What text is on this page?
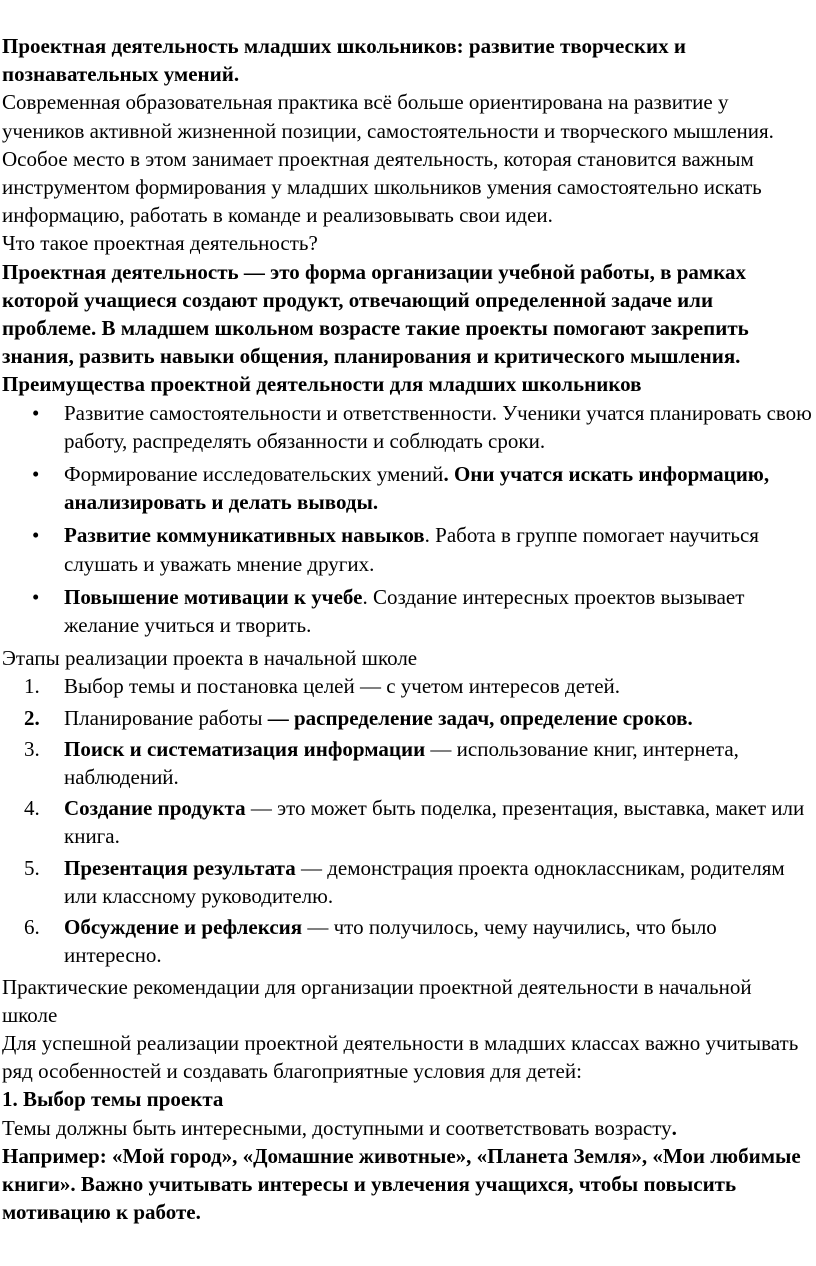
Проектная деятельность младших школьников: развитие творческих и познавательных умений.

Современная образовательная практика всё больше ориентирована на развитие у учеников активной жизненной позиции, самостоятельности и творческого мышления. Особое место в этом занимает проектная деятельность, которая становится важным инструментом формирования у младших школьников умения самостоятельно искать информацию, работать в команде и реализовывать свои идеи.

Что такое проектная деятельность?

Проектная деятельность — это форма организации учебной работы, в рамках которой учащиеся создают продукт, отвечающий определенной задаче или проблеме. В младшем школьном возрасте такие проекты помогают закрепить знания, развить навыки общения, планирования и критического мышления.

Преимущества проектной деятельности для младших школьников

• Развитие самостоятельности и ответственности. Ученики учатся планировать свою работу, распределять обязанности и соблюдать сроки.
• Формирование исследовательских умений. Они учатся искать информацию, анализировать и делать выводы.
• Развитие коммуникативных навыков. Работа в группе помогает научиться слушать и уважать мнение других.
• Повышение мотивации к учебе. Создание интересных проектов вызывает желание учиться и творить.

Этапы реализации проекта в начальной школе

1. Выбор темы и постановка целей — с учетом интересов детей.
2. Планирование работы — распределение задач, определение сроков.
3. Поиск и систематизация информации — использование книг, интернета, наблюдений.
4. Создание продукта — это может быть поделка, презентация, выставка, макет или книга.
5. Презентация результата — демонстрация проекта одноклассникам, родителям или классному руководителю.
6. Обсуждение и рефлексия — что получилось, чему научились, что было интересно.

Практические рекомендации для организации проектной деятельности в начальной школе

Для успешной реализации проектной деятельности в младших классах важно учитывать ряд особенностей и создавать благоприятные условия для детей:

1. Выбор темы проекта

Темы должны быть интересными, доступными и соответствовать возрасту.

Например: «Мой город», «Домашние животные», «Планета Земля», «Мои любимые книги». Важно учитывать интересы и увлечения учащихся, чтобы повысить мотивацию к работе.
